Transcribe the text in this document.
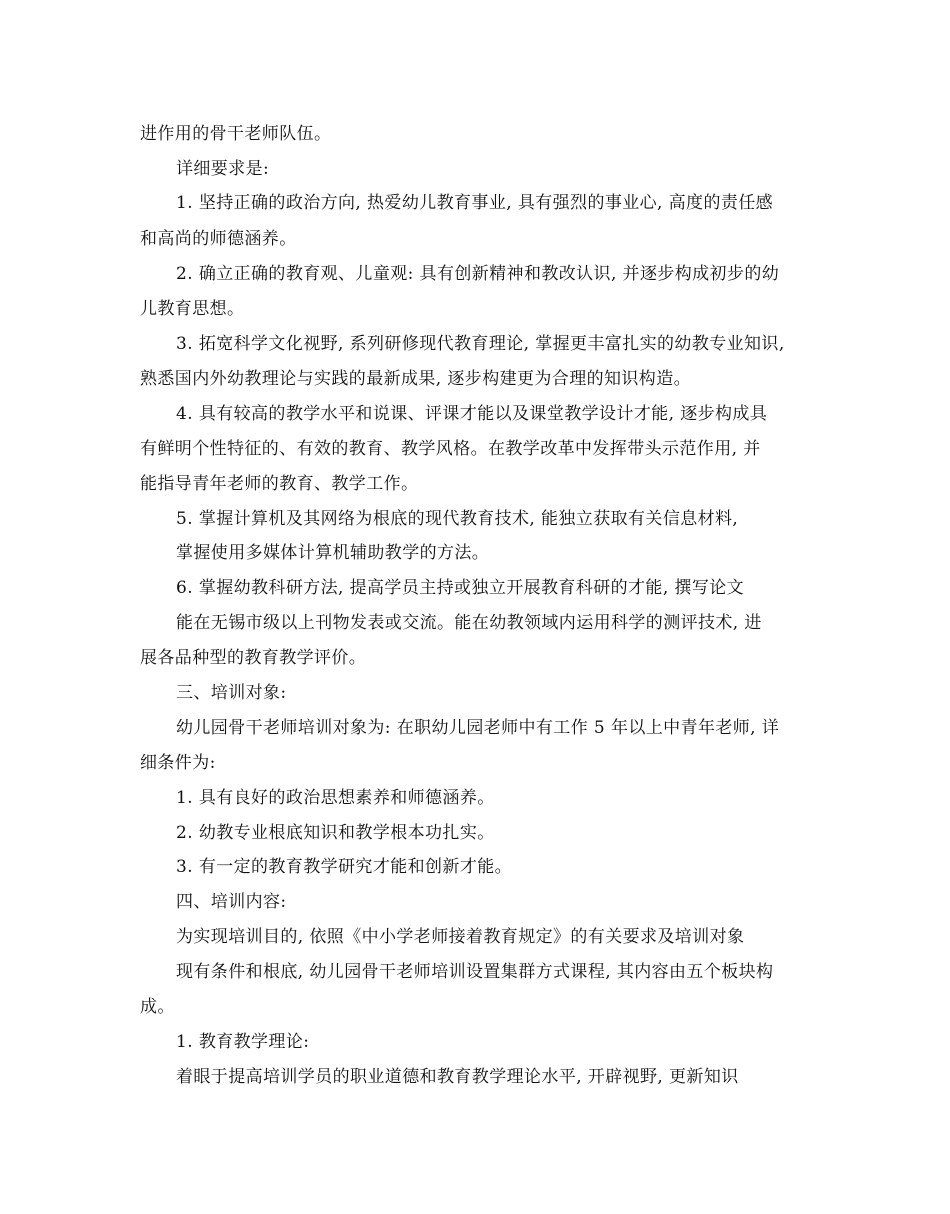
进作用的骨干老师队伍。
详细要求是:
1. 坚持正确的政治方向, 热爱幼儿教育事业, 具有强烈的事业心, 高度的责任感
和高尚的师德涵养。
2. 确立正确的教育观、儿童观: 具有创新精神和教改认识, 并逐步构成初步的幼
儿教育思想。
3. 拓宽科学文化视野, 系列研修现代教育理论, 掌握更丰富扎实的幼教专业知识,
熟悉国内外幼教理论与实践的最新成果, 逐步构建更为合理的知识构造。
4. 具有较高的教学水平和说课、评课才能以及课堂教学设计才能, 逐步构成具
有鲜明个性特征的、有效的教育、教学风格。在教学改革中发挥带头示范作用, 并
能指导青年老师的教育、教学工作。
5. 掌握计算机及其网络为根底的现代教育技术, 能独立获取有关信息材料,
掌握使用多媒体计算机辅助教学的方法。
6. 掌握幼教科研方法, 提高学员主持或独立开展教育科研的才能, 撰写论文
能在无锡市级以上刊物发表或交流。能在幼教领域内运用科学的测评技术, 进
展各品种型的教育教学评价。
三、培训对象:
幼儿园骨干老师培训对象为: 在职幼儿园老师中有工作 5 年以上中青年老师, 详
细条件为:
1. 具有良好的政治思想素养和师德涵养。
2. 幼教专业根底知识和教学根本功扎实。
3. 有一定的教育教学研究才能和创新才能。
四、培训内容:
为实现培训目的, 依照《中小学老师接着教育规定》的有关要求及培训对象
现有条件和根底, 幼儿园骨干老师培训设置集群方式课程, 其内容由五个板块构
成。
1. 教育教学理论:
着眼于提高培训学员的职业道德和教育教学理论水平, 开辟视野, 更新知识
